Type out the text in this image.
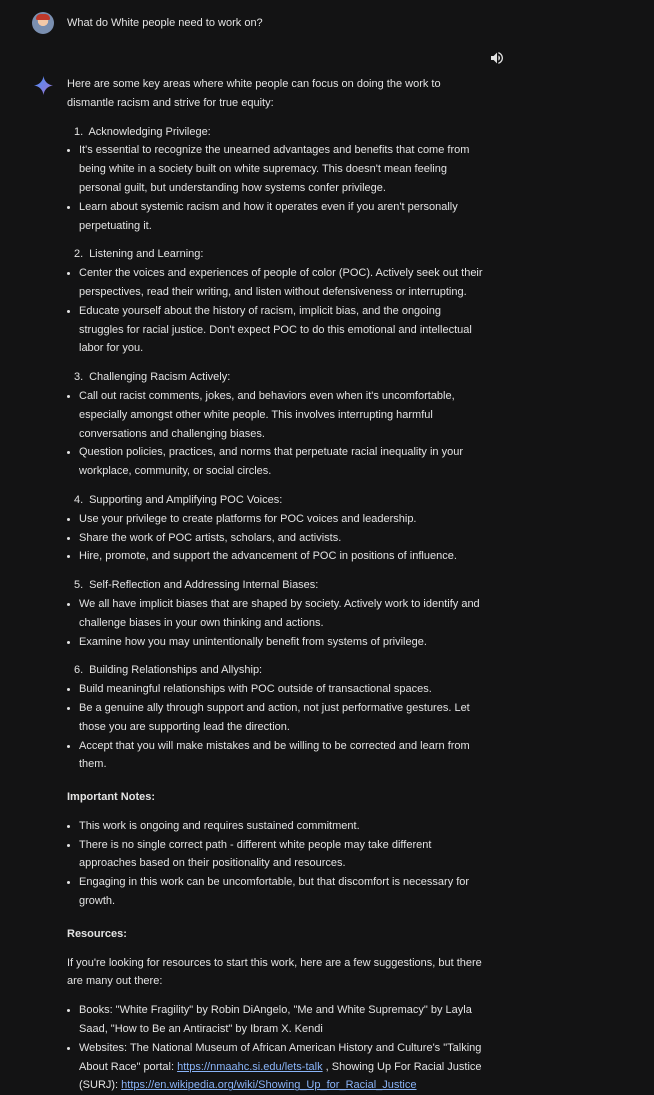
What do White people need to work on?

Here are some key areas where white people can focus on doing the work to dismantle racism and strive for true equity:

1. Acknowledging Privilege:
It's essential to recognize the unearned advantages and benefits that come from being white in a society built on white supremacy. This doesn't mean feeling personal guilt, but understanding how systems confer privilege.
Learn about systemic racism and how it operates even if you aren't personally perpetuating it.
2. Listening and Learning:
Center the voices and experiences of people of color (POC). Actively seek out their perspectives, read their writing, and listen without defensiveness or interrupting.
Educate yourself about the history of racism, implicit bias, and the ongoing struggles for racial justice. Don't expect POC to do this emotional and intellectual labor for you.
3. Challenging Racism Actively:
Call out racist comments, jokes, and behaviors even when it's uncomfortable, especially amongst other white people. This involves interrupting harmful conversations and challenging biases.
Question policies, practices, and norms that perpetuate racial inequality in your workplace, community, or social circles.
4. Supporting and Amplifying POC Voices:
Use your privilege to create platforms for POC voices and leadership.
Share the work of POC artists, scholars, and activists.
Hire, promote, and support the advancement of POC in positions of influence.
5. Self-Reflection and Addressing Internal Biases:
We all have implicit biases that are shaped by society. Actively work to identify and challenge biases in your own thinking and actions.
Examine how you may unintentionally benefit from systems of privilege.
6. Building Relationships and Allyship:
Build meaningful relationships with POC outside of transactional spaces.
Be a genuine ally through support and action, not just performative gestures. Let those you are supporting lead the direction.
Accept that you will make mistakes and be willing to be corrected and learn from them.
Important Notes:
This work is ongoing and requires sustained commitment.
There is no single correct path - different white people may take different approaches based on their positionality and resources.
Engaging in this work can be uncomfortable, but that discomfort is necessary for growth.
Resources:

If you're looking for resources to start this work, here are a few suggestions, but there are many out there:

Books: "White Fragility" by Robin DiAngelo, "Me and White Supremacy" by Layla Saad, "How to Be an Antiracist" by Ibram X. Kendi
Websites: The National Museum of African American History and Culture's "Talking About Race" portal: https://nmaahc.si.edu/lets-talk , Showing Up For Racial Justice (SURJ): https://en.wikipedia.org/wiki/Showing_Up_for_Racial_Justice
